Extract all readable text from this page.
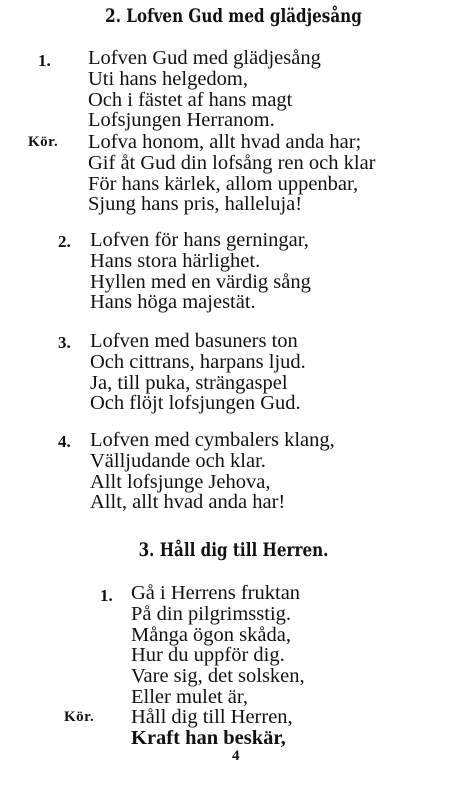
2. Lofven Gud med glädjesång
1. Lofven Gud med glädjesång
Uti hans helgedom,
Och i fästet af hans magt
Lofsjungen Herranom.
Kör. Lofva honom, allt hvad anda har;
Gif åt Gud din lofsång ren och klar
För hans kärlek, allom uppenbar,
Sjung hans pris, halleluja!
2. Lofven för hans gerningar,
Hans stora härlighet.
Hyllen med en värdig sång
Hans höga majestät.
3. Lofven med basuners ton
Och cittrans, harpans ljud.
Ja, till puka, strängaspel
Och flöjt lofsjungen Gud.
4. Lofven med cymbalers klang,
Välljudande och klar.
Allt lofsjunge Jehova,
Allt, allt hvad anda har!
3. Håll dig till Herren.
1. Gå i Herrens fruktan
På din pilgrimsstig.
Många ögon skåda,
Hur du uppför dig.
Vare sig, det solsken,
Eller mulet är,
Kör. Håll dig till Herren,
Kraft han beskär,
4
